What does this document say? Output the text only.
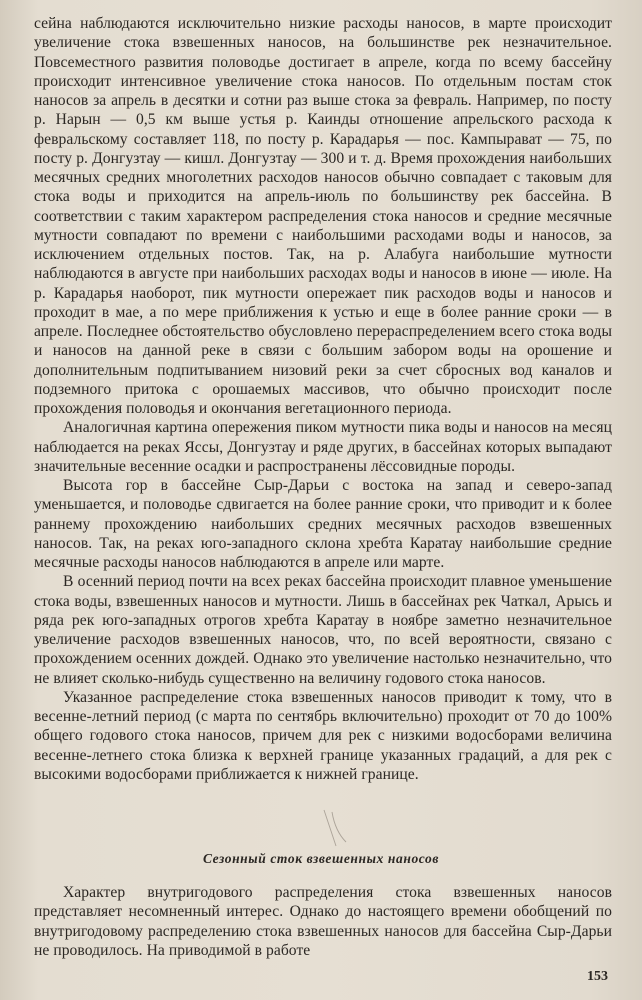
сейна наблюдаются исключительно низкие расходы наносов, в марте происходит увеличение стока взвешенных наносов, на большинстве рек незначительное. Повсеместного развития половодье достигает в апреле, когда по всему бассейну происходит интенсивное увеличение стока наносов. По отдельным постам сток наносов за апрель в десятки и сотни раз выше стока за февраль. Например, по посту р. Нарын — 0,5 км выше устья р. Каинды отношение апрельского расхода к февральскому составляет 118, по посту р. Карадарья — пос. Кампырават — 75, по посту р. Донгузтау — кишл. Донгузтау — 300 и т. д. Время прохождения наибольших месячных средних многолетних расходов наносов обычно совпадает с таковым для стока воды и приходится на апрель-июль по большинству рек бассейна. В соответствии с таким характером распределения стока наносов и средние месячные мутности совпадают по времени с наибольшими расходами воды и наносов, за исключением отдельных постов. Так, на р. Алабуга наибольшие мутности наблюдаются в августе при наибольших расходах воды и наносов в июне — июле. На р. Карадарья наоборот, пик мутности опережает пик расходов воды и наносов и проходит в мае, а по мере приближения к устью и еще в более ранние сроки — в апреле. Последнее обстоятельство обусловлено перераспределением всего стока воды и наносов на данной реке в связи с большим забором воды на орошение и дополнительным подпитыванием низовий реки за счет сбросных вод каналов и подземного притока с орошаемых массивов, что обычно происходит после прохождения половодья и окончания вегетационного периода.

Аналогичная картина опережения пиком мутности пика воды и наносов на месяц наблюдается на реках Яссы, Донгузтау и ряде других, в бассейнах которых выпадают значительные весенние осадки и распространены лёссовидные породы.

Высота гор в бассейне Сыр-Дарьи с востока на запад и северо-запад уменьшается, и половодье сдвигается на более ранние сроки, что приводит и к более раннему прохождению наибольших средних месячных расходов взвешенных наносов. Так, на реках юго-западного склона хребта Каратау наибольшие средние месячные расходы наносов наблюдаются в апреле или марте.

В осенний период почти на всех реках бассейна происходит плавное уменьшение стока воды, взвешенных наносов и мутности. Лишь в бассейнах рек Чаткал, Арысь и ряда рек юго-западных отрогов хребта Каратау в ноябре заметно незначительное увеличение расходов взвешенных наносов, что, по всей вероятности, связано с прохождением осенних дождей. Однако это увеличение настолько незначительно, что не влияет сколько-нибудь существенно на величину годового стока наносов.

Указанное распределение стока взвешенных наносов приводит к тому, что в весенне-летний период (с марта по сентябрь включительно) проходит от 70 до 100% общего годового стока наносов, причем для рек с низкими водосборами величина весенне-летнего стока близка к верхней границе указанных градаций, а для рек с высокими водосборами приближается к нижней границе.

Сезонный сток взвешенных наносов

Характер внутригодового распределения стока взвешенных наносов представляет несомненный интерес. Однако до настоящего времени обобщений по внутригодовому распределению стока взвешенных наносов для бассейна Сыр-Дарьи не проводилось. На приводимой в работе

153
